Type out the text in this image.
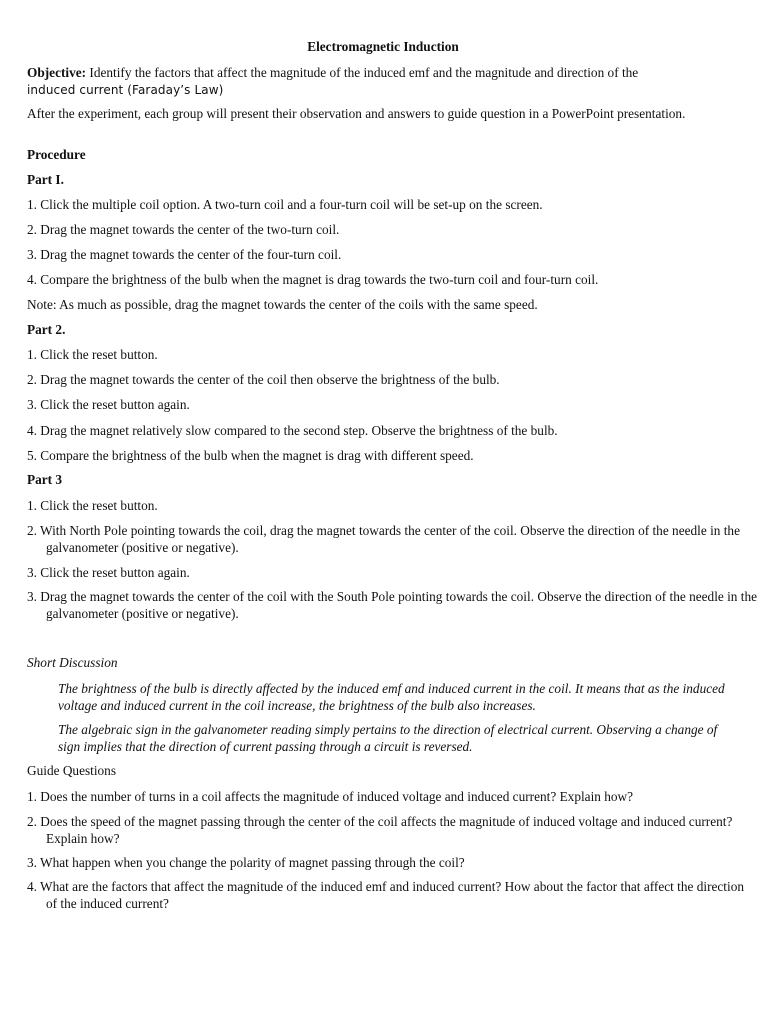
Electromagnetic Induction
Objective: Identify the factors that affect the magnitude of the induced emf and the magnitude and direction of the
induced current (Faraday’s Law)
After the experiment, each group will present their observation and answers to guide question in a PowerPoint presentation.
Procedure
Part I.
1. Click the multiple coil option. A two-turn coil and a four-turn coil will be set-up on the screen.
2. Drag the magnet towards the center of the two-turn coil.
3. Drag the magnet towards the center of the four-turn coil.
4. Compare the brightness of the bulb when the magnet is drag towards the two-turn coil and four-turn coil.
Note: As much as possible, drag the magnet towards the center of the coils with the same speed.
Part 2.
1. Click the reset button.
2. Drag the magnet towards the center of the coil then observe the brightness of the bulb.
3. Click the reset button again.
4. Drag the magnet relatively slow compared to the second step. Observe the brightness of the bulb.
5. Compare the brightness of the bulb when the magnet is drag with different speed.
Part 3
1. Click the reset button.
2. With North Pole pointing towards the coil, drag the magnet towards the center of the coil. Observe the direction of the needle in the galvanometer (positive or negative).
3. Click the reset button again.
3. Drag the magnet towards the center of the coil with the South Pole pointing towards the coil. Observe the direction of the needle in the galvanometer (positive or negative).
Short Discussion
The brightness of the bulb is directly affected by the induced emf and induced current in the coil. It means that as the induced voltage and induced current in the coil increase, the brightness of the bulb also increases.
The algebraic sign in the galvanometer reading simply pertains to the direction of electrical current. Observing a change of sign implies that the direction of current passing through a circuit is reversed.
Guide Questions
1. Does the number of turns in a coil affects the magnitude of induced voltage and induced current? Explain how?
2. Does the speed of the magnet passing through the center of the coil affects the magnitude of induced voltage and induced current? Explain how?
3. What happen when you change the polarity of magnet passing through the coil?
4. What are the factors that affect the magnitude of the induced emf and induced current? How about the factor that affect the direction of the induced current?
